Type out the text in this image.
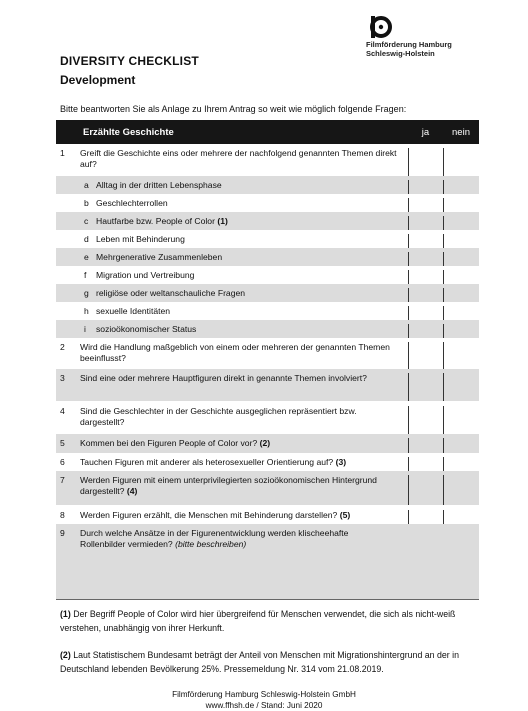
Filmförderung Hamburg
Schleswig-Holstein
DIVERSITY CHECKLIST
Development
Bitte beantworten Sie als Anlage zu Ihrem Antrag so weit wie möglich folgende Fragen:
Erzählte Geschichte	ja	nein
1	Greift die Geschichte eins oder mehrere der nachfolgend genannten Themen direkt auf?
a Alltag in der dritten Lebensphase
b Geschlechterrollen
c Hautfarbe bzw. People of Color (1)
d Leben mit Behinderung
e Mehrgenerative Zusammenleben
f Migration und Vertreibung
g religiöse oder weltanschauliche Fragen
h sexuelle Identitäten
i sozioökonomischer Status
2	Wird die Handlung maßgeblich von einem oder mehreren der genannten Themen beeinflusst?
3	Sind eine oder mehrere Hauptfiguren direkt in genannte Themen involviert?
4	Sind die Geschlechter in der Geschichte ausgeglichen repräsentiert bzw. dargestellt?
5	Kommen bei den Figuren People of Color vor? (2)
6	Tauchen Figuren mit anderer als heterosexueller Orientierung auf? (3)
7	Werden Figuren mit einem unterprivilegierten sozioökonomischen Hintergrund dargestellt? (4)
8	Werden Figuren erzählt, die Menschen mit Behinderung darstellen? (5)
9	Durch welche Ansätze in der Figurenentwicklung werden klischeehafte Rollenbilder vermieden? (bitte beschreiben)
(1) Der Begriff People of Color wird hier übergreifend für Menschen verwendet, die sich als nicht-weiß verstehen, unabhängig von ihrer Herkunft.
(2) Laut Statistischem Bundesamt beträgt der Anteil von Menschen mit Migrationshintergrund an der in Deutschland lebenden Bevölkerung 25%. Pressemeldung Nr. 314 vom 21.08.2019.
Filmförderung Hamburg Schleswig-Holstein GmbH
www.ffhsh.de / Stand: Juni 2020
